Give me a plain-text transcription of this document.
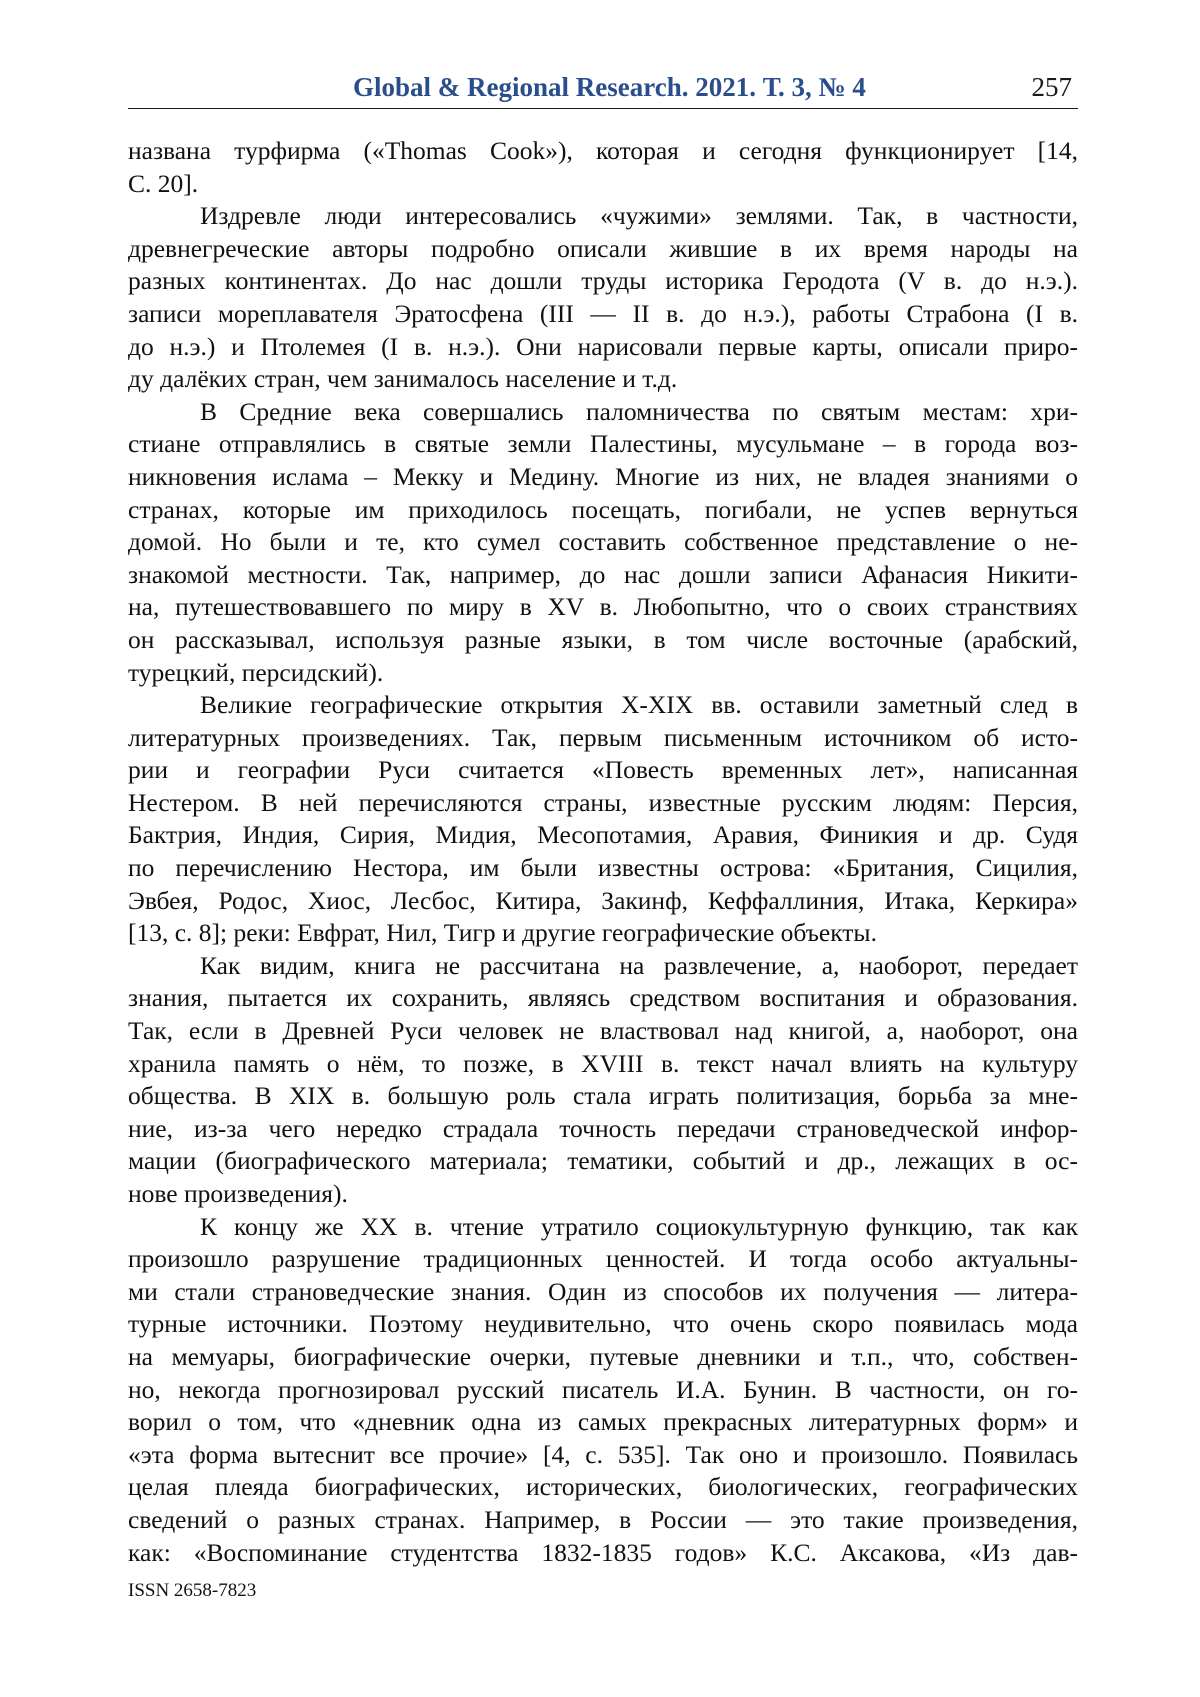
Global & Regional Research. 2021. Т. 3, № 4	257
названа турфирма («Thomas Cook»), которая и сегодня функционирует [14,
С. 20].
Издревле люди интересовались «чужими» землями. Так, в частности,
древнегреческие авторы подробно описали жившие в их время народы на
разных континентах. До нас дошли труды историка Геродота (V в. до н.э.).
записи мореплавателя Эратосфена (III — II в. до н.э.), работы Страбона (I в.
до н.э.) и Птолемея (I в. н.э.). Они нарисовали первые карты, описали приро-
ду далёких стран, чем занималось население и т.д.
В Средние века совершались паломничества по святым местам: хри-
стиане отправлялись в святые земли Палестины, мусульмане – в города воз-
никновения ислама – Мекку и Медину. Многие из них, не владея знаниями о
странах, которые им приходилось посещать, погибали, не успев вернуться
домой. Но были и те, кто сумел составить собственное представление о не-
знакомой местности. Так, например, до нас дошли записи Афанасия Никити-
на, путешествовавшего по миру в XV в. Любопытно, что о своих странствиях
он рассказывал, используя разные языки, в том числе восточные (арабский,
турецкий, персидский).
Великие географические открытия X-XIX вв. оставили заметный след в
литературных произведениях. Так, первым письменным источником об исто-
рии и географии Руси считается «Повесть временных лет», написанная
Нестером. В ней перечисляются страны, известные русским людям: Персия,
Бактрия, Индия, Сирия, Мидия, Месопотамия, Аравия, Финикия и др. Судя
по перечислению Нестора, им были известны острова: «Британия, Сицилия,
Эвбея, Родос, Хиос, Лесбос, Китира, Закинф, Кеффаллиния, Итака, Керкира»
[13, с. 8]; реки: Евфрат, Нил, Тигр и другие географические объекты.
Как видим, книга не рассчитана на развлечение, а, наоборот, передает
знания, пытается их сохранить, являясь средством воспитания и образования.
Так, если в Древней Руси человек не властвовал над книгой, а, наоборот, она
хранила память о нём, то позже, в XVIII в. текст начал влиять на культуру
общества. В XIX в. большую роль стала играть политизация, борьба за мне-
ние, из-за чего нередко страдала точность передачи страноведческой инфор-
мации (биографического материала; тематики, событий и др., лежащих в ос-
нове произведения).
К концу же XX в. чтение утратило социокультурную функцию, так как
произошло разрушение традиционных ценностей. И тогда особо актуальны-
ми стали страноведческие знания. Один из способов их получения — литера-
турные источники. Поэтому неудивительно, что очень скоро появилась мода
на мемуары, биографические очерки, путевые дневники и т.п., что, собствен-
но, некогда прогнозировал русский писатель И.А. Бунин. В частности, он го-
ворил о том, что «дневник одна из самых прекрасных литературных форм» и
«эта форма вытеснит все прочие» [4, с. 535]. Так оно и произошло. Появилась
целая плеяда биографических, исторических, биологических, географических
сведений о разных странах. Например, в России — это такие произведения,
как: «Воспоминание студентства 1832-1835 годов» К.С. Аксакова, «Из дав-
ISSN 2658-7823
